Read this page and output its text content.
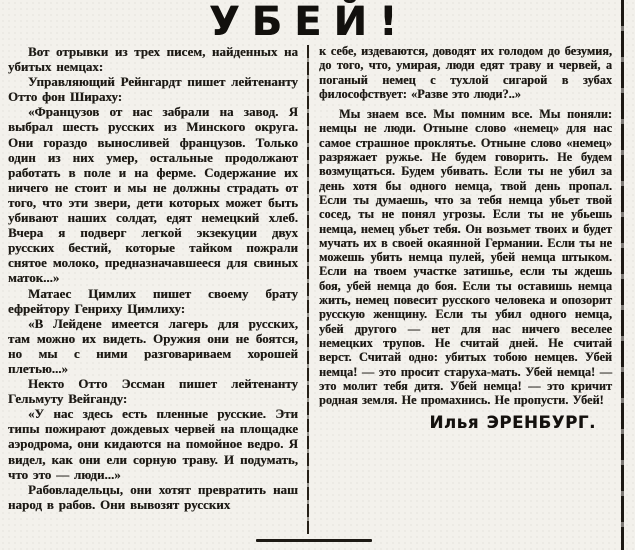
УБЕЙ!

Вот отрывки из трех писем, найденных на убитых немцах:

Управляющий Рейнгардт пишет лейтенанту Отто фон Шираху:

«Французов от нас забрали на завод. Я выбрал шесть русских из Минского округа. Они гораздо выносливей французов. Только один из них умер, остальные продолжают работать в поле и на ферме. Содержание их ничего не стоит и мы не должны страдать от того, что эти звери, дети которых может быть убивают наших солдат, едят немецкий хлеб. Вчера я подверг легкой экзекуции двух русских бестий, которые тайком пожрали снятое молоко, предназначавшееся для свиных маток...»

Матаес Цимлих пишет своему брату ефрейтору Генриху Цимлиху:

«В Лейдене имеется лагерь для русских, там можно их видеть. Оружия они не боятся, но мы с ними разговариваем хорошей плетью...»

Некто Отто Эссман пишет лейтенанту Гельмуту Вейганду:

«У нас здесь есть пленные русские. Эти типы пожирают дождевых червей на площадке аэродрома, они кидаются на помойное ведро. Я видел, как они ели сорную траву. И подумать, что это — люди...»

Рабовладельцы, они хотят превратить наш народ в рабов. Они вывозят русских

к себе, издеваются, доводят их голодом до безумия, до того, что, умирая, люди едят траву и червей, а поганый немец с тухлой сигарой в зубах философствует: «Разве это люди?..»

Мы знаем все. Мы помним все. Мы поняли: немцы не люди. Отныне слово «немец» для нас самое страшное проклятье. Отныне слово «немец» разряжает ружье. Не будем говорить. Не будем возмущаться. Будем убивать. Если ты не убил за день хотя бы одного немца, твой день пропал. Если ты думаешь, что за тебя немца убьет твой сосед, ты не понял угрозы. Если ты не убьешь немца, немец убьет тебя. Он возьмет твоих и будет мучать их в своей окаянной Германии. Если ты не можешь убить немца пулей, убей немца штыком. Если на твоем участке затишье, если ты ждешь боя, убей немца до боя. Если ты оставишь немца жить, немец повесит русского человека и опозорит русскую женщину. Если ты убил одного немца, убей другого — нет для нас ничего веселее немецких трупов. Не считай дней. Не считай верст. Считай одно: убитых тобою немцев. Убей немца! — это просит старуха-мать. Убей немца! — это молит тебя дитя. Убей немца! — это кричит родная земля. Не промахнись. Не пропусти. Убей!

Илья ЭРЕНБУРГ.
